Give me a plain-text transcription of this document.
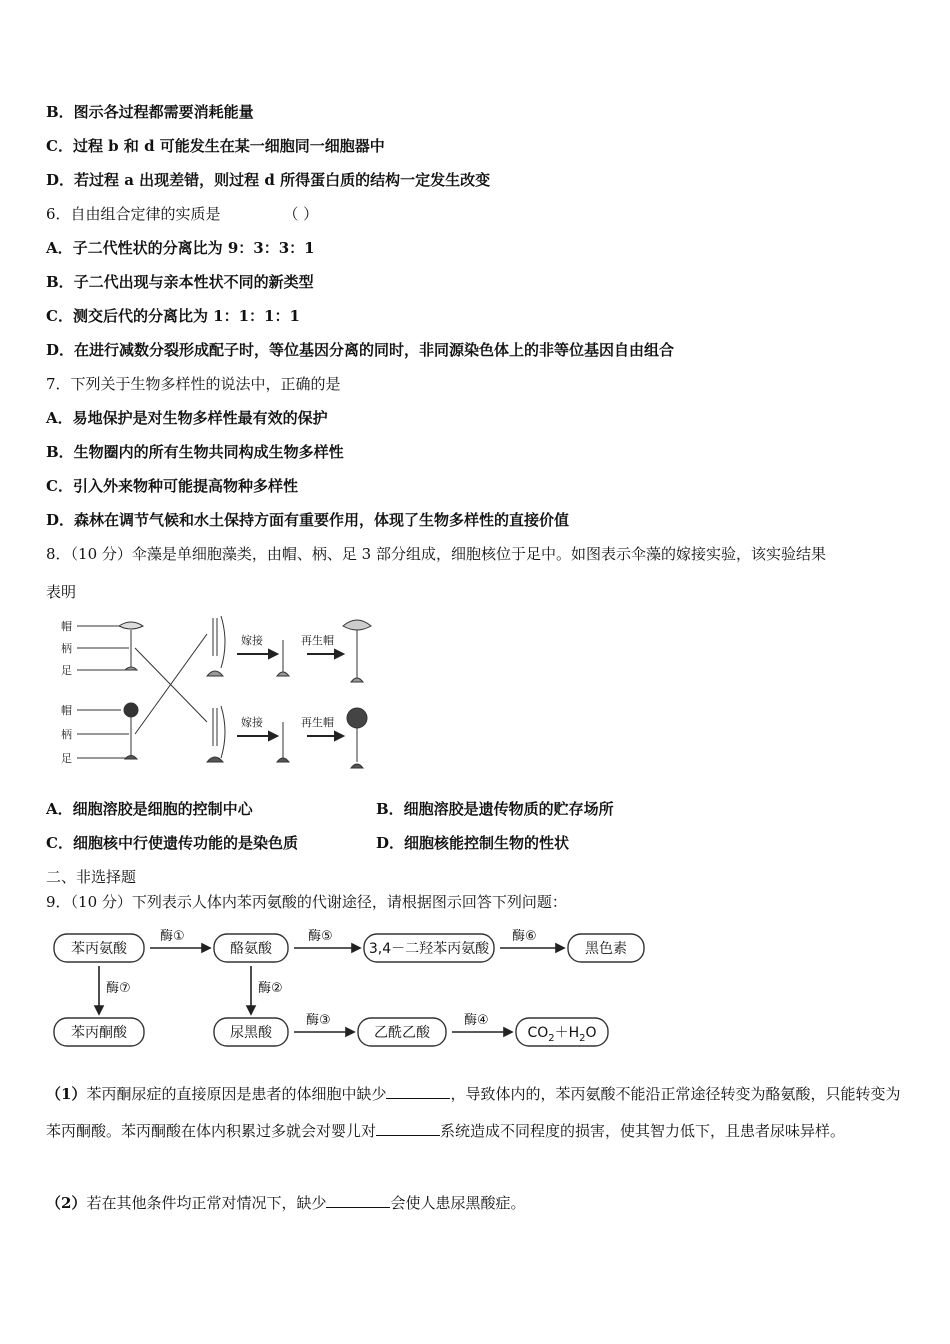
B．图示各过程都需要消耗能量
C．过程 b 和 d 可能发生在某一细胞同一细胞器中
D．若过程 a 出现差错，则过程 d 所得蛋白质的结构一定发生改变
6．自由组合定律的实质是	（ ）
A．子二代性状的分离比为 9：3：3：1
B．子二代出现与亲本性状不同的新类型
C．测交后代的分离比为 1：1：1：1
D．在进行减数分裂形成配子时，等位基因分离的同时，非同源染色体上的非等位基因自由组合
7．下列关于生物多样性的说法中，正确的是
A．易地保护是对生物多样性最有效的保护
B．生物圈内的所有生物共同构成生物多样性
C．引入外来物种可能提高物种多样性
D．森林在调节气候和水土保持方面有重要作用，体现了生物多样性的直接价值
8．（10 分）伞藻是单细胞藻类，由帽、柄、足 3 部分组成，细胞核位于足中。如图表示伞藻的嫁接实验，该实验结果
表明
帽
柄
足
帽
柄
足
嫁接	再生帽
嫁接	再生帽
A．细胞溶胶是细胞的控制中心	B．细胞溶胶是遗传物质的贮存场所
C．细胞核中行使遗传功能的是染色质	D．细胞核能控制生物的性状
二、非选择题
9．（10 分）下列表示人体内苯丙氨酸的代谢途径，请根据图示回答下列问题：
苯丙氨酸	酪氨酸	3,4－二羟苯丙氨酸	黑色素
苯丙酮酸	尿黑酸	乙酰乙酸	$CO_2+H_2O$
酶①	酶⑤	酶⑥
酶⑦	酶②
酶③	酶④
（1）苯丙酮尿症的直接原因是患者的体细胞中缺少	，导致体内的，苯丙氨酸不能沿正常途径转变为酪氨酸，只能转变为苯丙酮酸。苯丙酮酸在体内积累过多就会对婴儿对	系统造成不同程度的损害，使其智力低下，且患者尿味异样。
（2）若在其他条件均正常对情况下，缺少	会使人患尿黑酸症。
